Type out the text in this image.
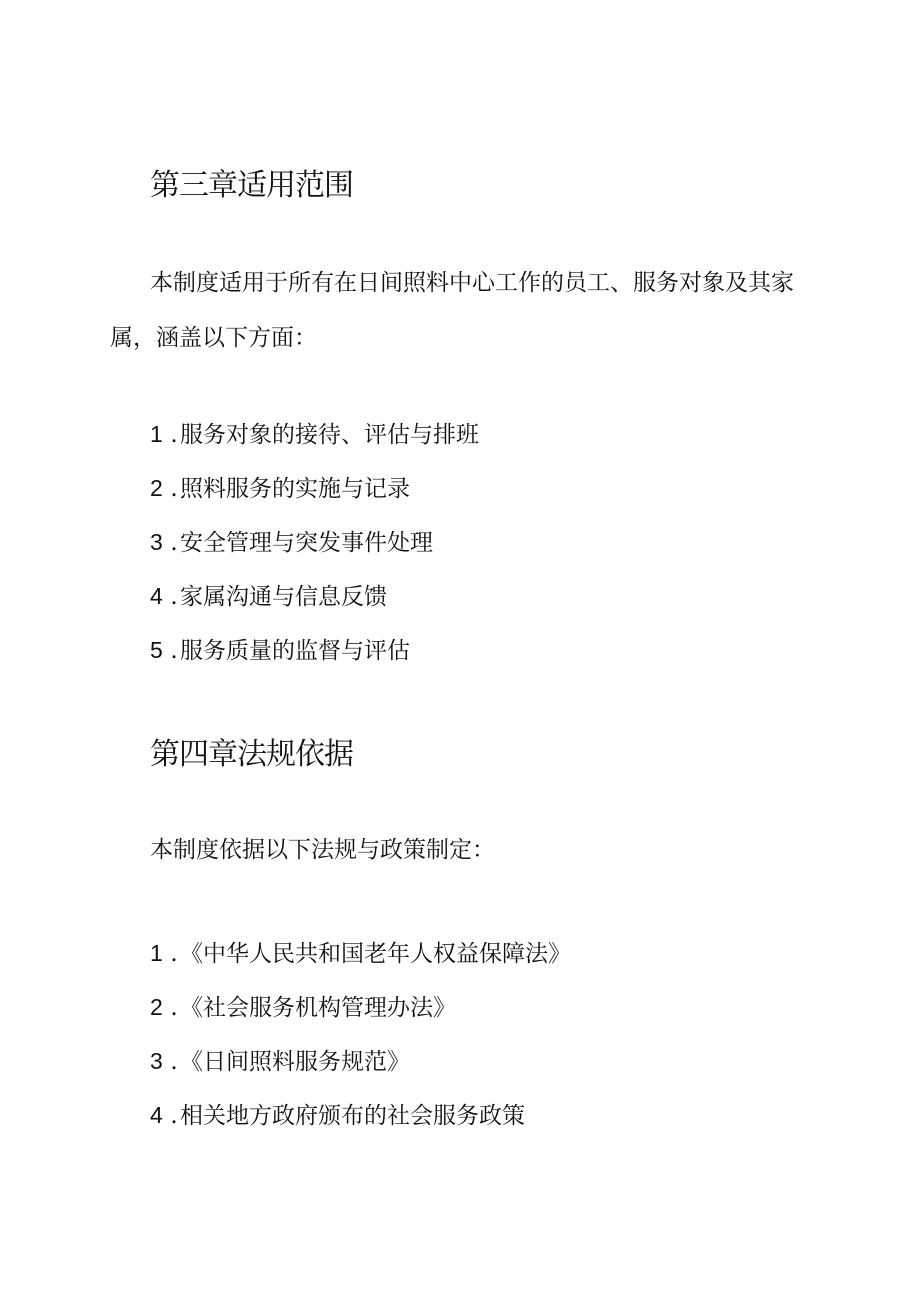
第三章适用范围

本制度适用于所有在日间照料中心工作的员工、服务对象及其家属，涵盖以下方面：

1 . 服务对象的接待、评估与排班
2 . 照料服务的实施与记录
3 . 安全管理与突发事件处理
4 . 家属沟通与信息反馈
5 . 服务质量的监督与评估
第四章法规依据

本制度依据以下法规与政策制定：

1 . 《中华人民共和国老年人权益保障法》
2 . 《社会服务机构管理办法》
3 . 《日间照料服务规范》
4 . 相关地方政府颁布的社会服务政策
